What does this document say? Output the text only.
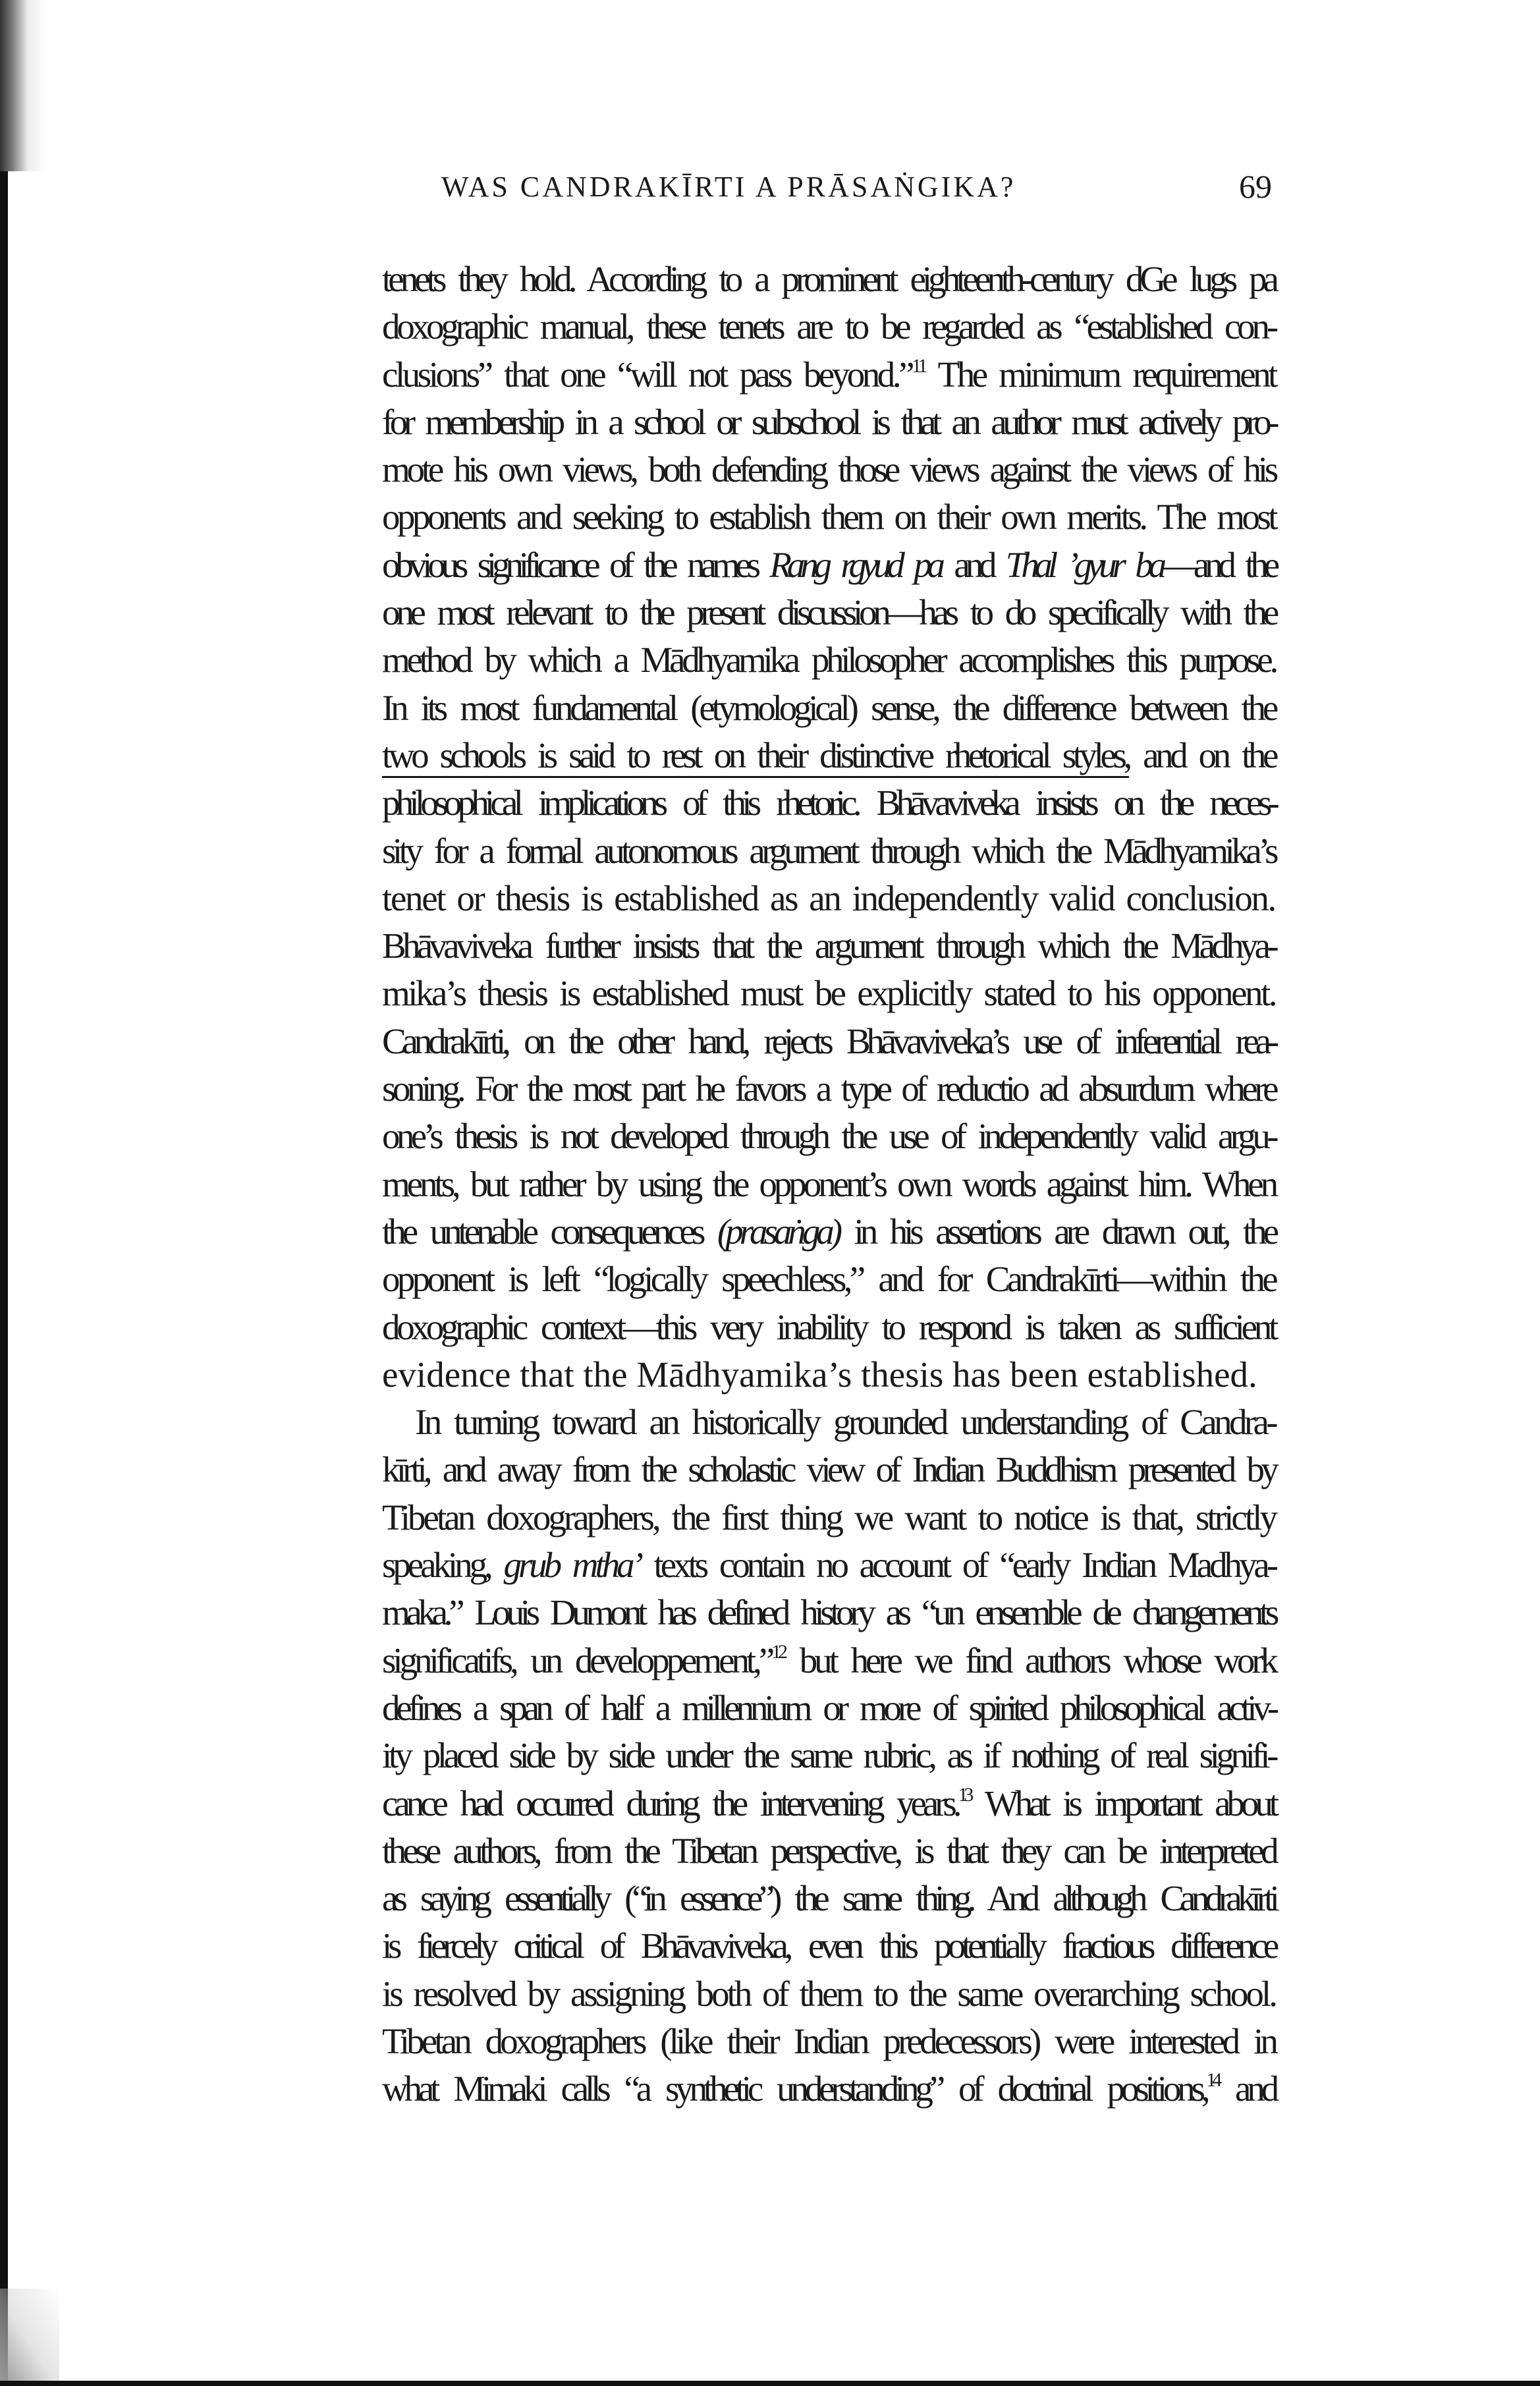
WAS CANDRAKĪRTI A PRĀSAṄGIKA?	69
tenets they hold. According to a prominent eighteenth-century dGe lugs pa
doxographic manual, these tenets are to be regarded as “established con-
clusions” that one “will not pass beyond.”$^{11}$ The minimum requirement
for membership in a school or subschool is that an author must actively pro-
mote his own views, both defending those views against the views of his
opponents and seeking to establish them on their own merits. The most
obvious significance of the names Rang rgyud pa and Thal ’gyur ba—and the
one most relevant to the present discussion—has to do specifically with the
method by which a Mādhyamika philosopher accomplishes this purpose.
In its most fundamental (etymological) sense, the difference between the
two schools is said to rest on their distinctive rhetorical styles, and on the
philosophical implications of this rhetoric. Bhāvaviveka insists on the neces-
sity for a formal autonomous argument through which the Mādhyamika’s
tenet or thesis is established as an independently valid conclusion.
Bhāvaviveka further insists that the argument through which the Mādhya-
mika’s thesis is established must be explicitly stated to his opponent.
Candrakīrti, on the other hand, rejects Bhāvaviveka’s use of inferential rea-
soning. For the most part he favors a type of reductio ad absurdum where
one’s thesis is not developed through the use of independently valid argu-
ments, but rather by using the opponent’s own words against him. When
the untenable consequences (prasaṅga) in his assertions are drawn out, the
opponent is left “logically speechless,” and for Candrakīrti—within the
doxographic context—this very inability to respond is taken as sufficient
evidence that the Mādhyamika’s thesis has been established.
In turning toward an historically grounded understanding of Candra-
kīrti, and away from the scholastic view of Indian Buddhism presented by
Tibetan doxographers, the first thing we want to notice is that, strictly
speaking, grub mtha’ texts contain no account of “early Indian Madhya-
maka.” Louis Dumont has defined history as “un ensemble de changements
significatifs, un developpement,”$^{12}$ but here we find authors whose work
defines a span of half a millennium or more of spirited philosophical activ-
ity placed side by side under the same rubric, as if nothing of real signifi-
cance had occurred during the intervening years.$^{13}$ What is important about
these authors, from the Tibetan perspective, is that they can be interpreted
as saying essentially (“in essence”) the same thing. And although Candrakīrti
is fiercely critical of Bhāvaviveka, even this potentially fractious difference
is resolved by assigning both of them to the same overarching school.
Tibetan doxographers (like their Indian predecessors) were interested in
what Mimaki calls “a synthetic understanding” of doctrinal positions,$^{14}$ and
